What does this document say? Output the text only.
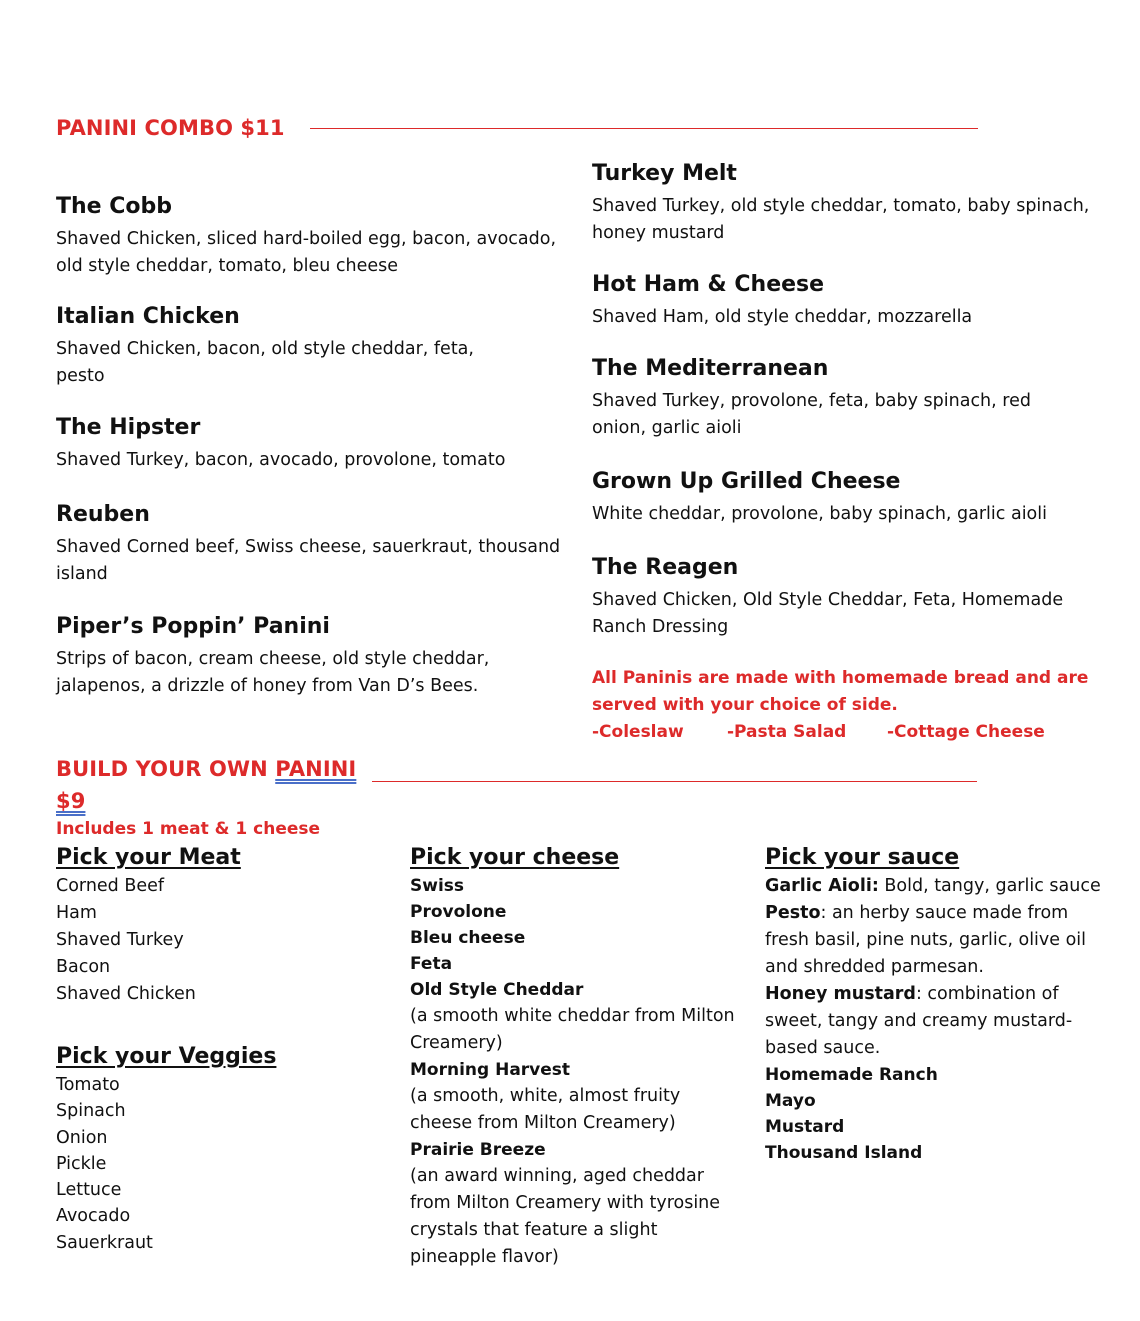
PANINI COMBO $11
The Cobb
Shaved Chicken, sliced hard-boiled egg, bacon, avocado, old style cheddar, tomato, bleu cheese
Italian Chicken
Shaved Chicken, bacon, old style cheddar, feta, pesto
The Hipster
Shaved Turkey, bacon, avocado, provolone, tomato
Reuben
Shaved Corned beef, Swiss cheese, sauerkraut, thousand island
Piper’s Poppin’ Panini
Strips of bacon, cream cheese, old style cheddar, jalapenos, a drizzle of honey from Van D’s Bees.
Turkey Melt
Shaved Turkey, old style cheddar, tomato, baby spinach, honey mustard
Hot Ham & Cheese
Shaved Ham, old style cheddar, mozzarella
The Mediterranean
Shaved Turkey, provolone, feta, baby spinach, red onion, garlic aioli
Grown Up Grilled Cheese
White cheddar, provolone, baby spinach, garlic aioli
The Reagen
Shaved Chicken, Old Style Cheddar, Feta, Homemade Ranch Dressing
All Paninis are made with homemade bread and are
served with your choice of side.
-Coleslaw	-Pasta Salad -Cottage Cheese
BUILD YOUR OWN PANINI
$9
Includes 1 meat & 1 cheese
Pick your Meat
Corned Beef
Ham
Shaved Turkey
Bacon
Shaved Chicken
Pick your Veggies
Tomato
Spinach
Onion
Pickle
Lettuce
Avocado
Sauerkraut
Pick your cheese
Swiss
Provolone
Bleu cheese
Feta
Old Style Cheddar
(a smooth white cheddar from Milton Creamery)
Morning Harvest
(a smooth, white, almost fruity cheese from Milton Creamery)
Prairie Breeze
(an award winning, aged cheddar from Milton Creamery with tyrosine crystals that feature a slight pineapple flavor)
Pick your sauce
Garlic Aioli: Bold, tangy, garlic sauce
Pesto: an herby sauce made from fresh basil, pine nuts, garlic, olive oil and shredded parmesan.
Honey mustard: combination of sweet, tangy and creamy mustard-based sauce.
Homemade Ranch
Mayo
Mustard
Thousand Island
